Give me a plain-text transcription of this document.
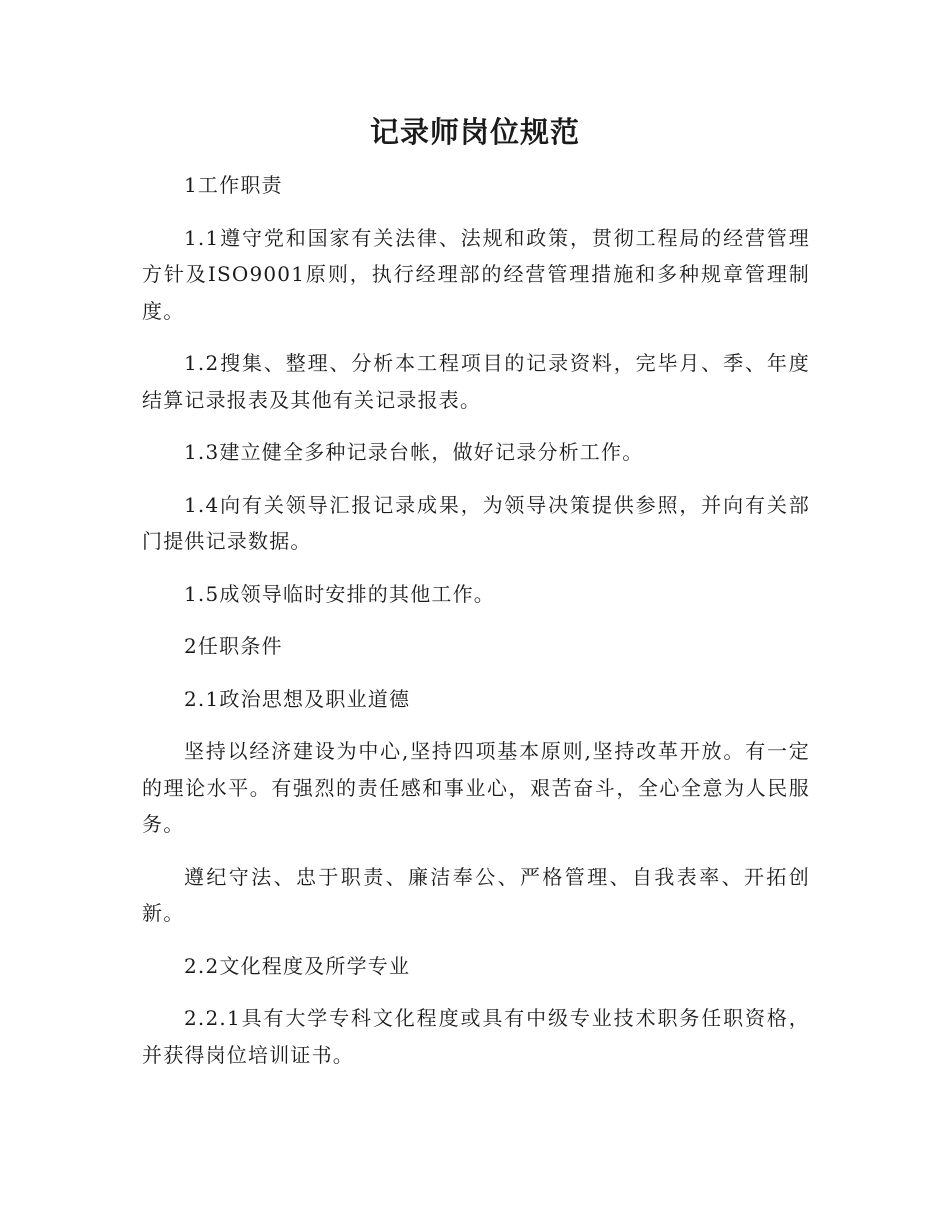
记录师岗位规范

1工作职责

1.1遵守党和国家有关法律、法规和政策，贯彻工程局的经营管理方针及ISO9001原则，执行经理部的经营管理措施和多种规章管理制度。

1.2搜集、整理、分析本工程项目的记录资料，完毕月、季、年度结算记录报表及其他有关记录报表。

1.3建立健全多种记录台帐，做好记录分析工作。

1.4向有关领导汇报记录成果，为领导决策提供参照，并向有关部门提供记录数据。

1.5成领导临时安排的其他工作。

2任职条件

2.1政治思想及职业道德

坚持以经济建设为中心,坚持四项基本原则,坚持改革开放。有一定的理论水平。有强烈的责任感和事业心，艰苦奋斗，全心全意为人民服务。

遵纪守法、忠于职责、廉洁奉公、严格管理、自我表率、开拓创新。

2.2文化程度及所学专业

2.2.1具有大学专科文化程度或具有中级专业技术职务任职资格，并获得岗位培训证书。
